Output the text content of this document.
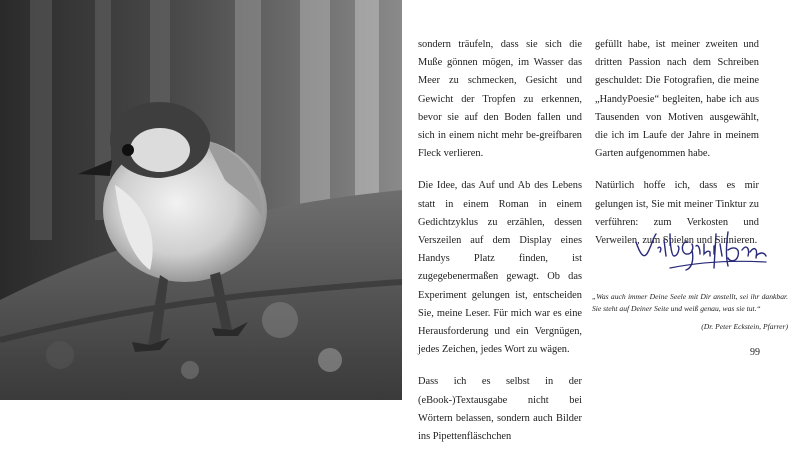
sondern träufeln, dass sie sich die Muße gönnen mögen, im Wasser das Meer zu schmecken, Gesicht und Gewicht der Tropfen zu erkennen, bevor sie auf den Boden fallen und sich in einem nicht mehr be-greifbaren Fleck verlieren.

Die Idee, das Auf und Ab des Lebens statt in einem Roman in einem Gedichtzyklus zu erzählen, dessen Verszeilen auf dem Display eines Handys Platz finden, ist zugegebenermaßen gewagt. Ob das Experiment gelungen ist, entscheiden Sie, meine Leser. Für mich war es eine Herausforderung und ein Vergnügen, jedes Zeichen, jedes Wort zu wägen.

Dass ich es selbst in der (eBook-)Textausgabe nicht bei Wörtern belassen, sondern auch Bilder ins Pipettenfläschchen

gefüllt habe, ist meiner zweiten und dritten Passion nach dem Schreiben geschuldet: Die Fotografien, die meine „HandyPoesie“ begleiten, habe ich aus Tausenden von Motiven ausgewählt, die ich im Laufe der Jahre in meinem Garten aufgenommen habe.

Natürlich hoffe ich, dass es mir gelungen ist, Sie mit meiner Tinktur zu verführen: zum Verkosten und Verweilen, zum Spielen und Sinnieren.

„Was auch immer Deine Seele mit Dir anstellt, sei ihr dankbar. Sie steht auf Deiner Seite und weiß genau, was sie tut.“
(Dr. Peter Eckstein, Pfarrer)
99
